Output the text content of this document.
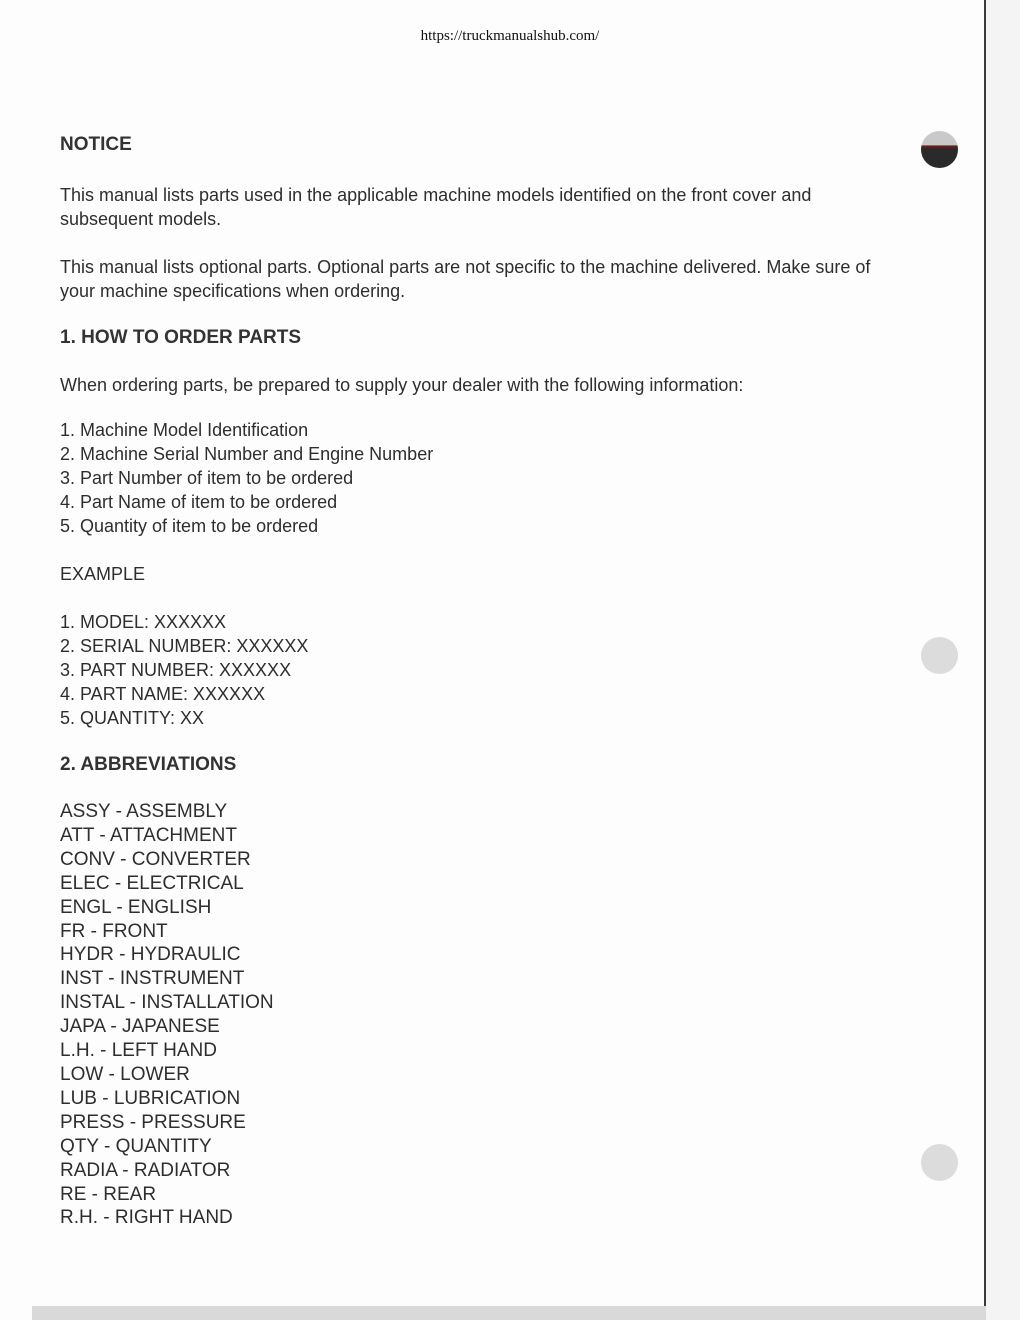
https://truckmanualshub.com/
NOTICE

This manual lists parts used in the applicable machine models identified on the front cover and subsequent models.

This manual lists optional parts. Optional parts are not specific to the machine delivered. Make sure of your machine specifications when ordering.

1. HOW TO ORDER PARTS

When ordering parts, be prepared to supply your dealer with the following information:

1. Machine Model Identification
2. Machine Serial Number and Engine Number
3. Part Number of item to be ordered
4. Part Name of item to be ordered
5. Quantity of item to be ordered

EXAMPLE

1. MODEL: XXXXXX
2. SERIAL NUMBER: XXXXXX
3. PART NUMBER: XXXXXX
4. PART NAME: XXXXXX
5. QUANTITY: XX
2. ABBREVIATIONS
ASSY - ASSEMBLY
ATT - ATTACHMENT
CONV - CONVERTER
ELEC - ELECTRICAL
ENGL - ENGLISH
FR - FRONT
HYDR - HYDRAULIC
INST - INSTRUMENT
INSTAL - INSTALLATION
JAPA - JAPANESE
L.H. - LEFT HAND
LOW - LOWER
LUB - LUBRICATION
PRESS - PRESSURE
QTY - QUANTITY
RADIA - RADIATOR
RE - REAR
R.H. - RIGHT HAND
